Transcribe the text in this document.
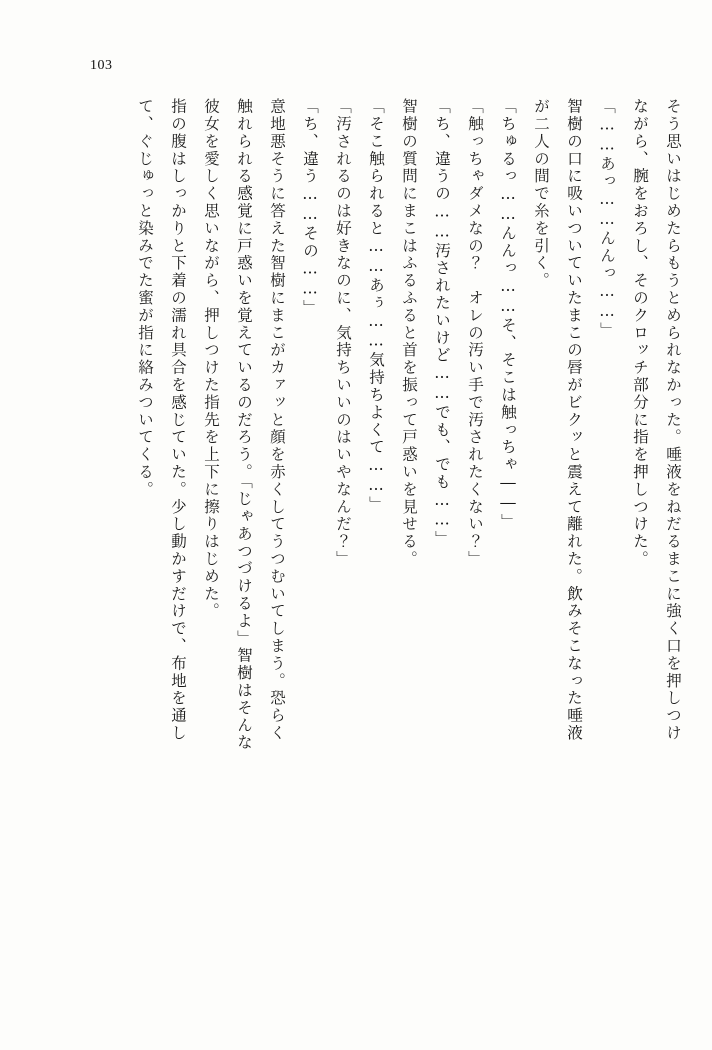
103
そう思いはじめたらもうとめられなかった。唾液をねだるまこに強く口を押しつけ
ながら、腕をおろし、そのクロッチ部分に指を押しつけた。
「……あっ……んんっ……」
智樹の口に吸いついていたまこの唇がビクッと震えて離れた。飲みそこなった唾液
が二人の間で糸を引く。
「ちゅるっ……んんっ……そ、そこは触っちゃ――」
「触っちゃダメなの？　オレの汚い手で汚されたくない？」
「ち、違うの……汚されたいけど……でも、でも……」
智樹の質問にまこはふるふると首を振って戸惑いを見せる。
「そこ触られると……あぅ……気持ちよくて……」
「汚されるのは好きなのに、気持ちいいのはいやなんだ？」
「ち、違う……その……」
意地悪そうに答えた智樹にまこがカァッと顔を赤くしてうつむいてしまう。恐らく
触れられる感覚に戸惑いを覚えているのだろう。「じゃあつづけるよ」智樹はそんな
彼女を愛しく思いながら、押しつけた指先を上下に擦りはじめた。
指の腹はしっかりと下着の濡れ具合を感じていた。少し動かすだけで、布地を通し
て、ぐじゅっと染みでた蜜が指に絡みついてくる。
